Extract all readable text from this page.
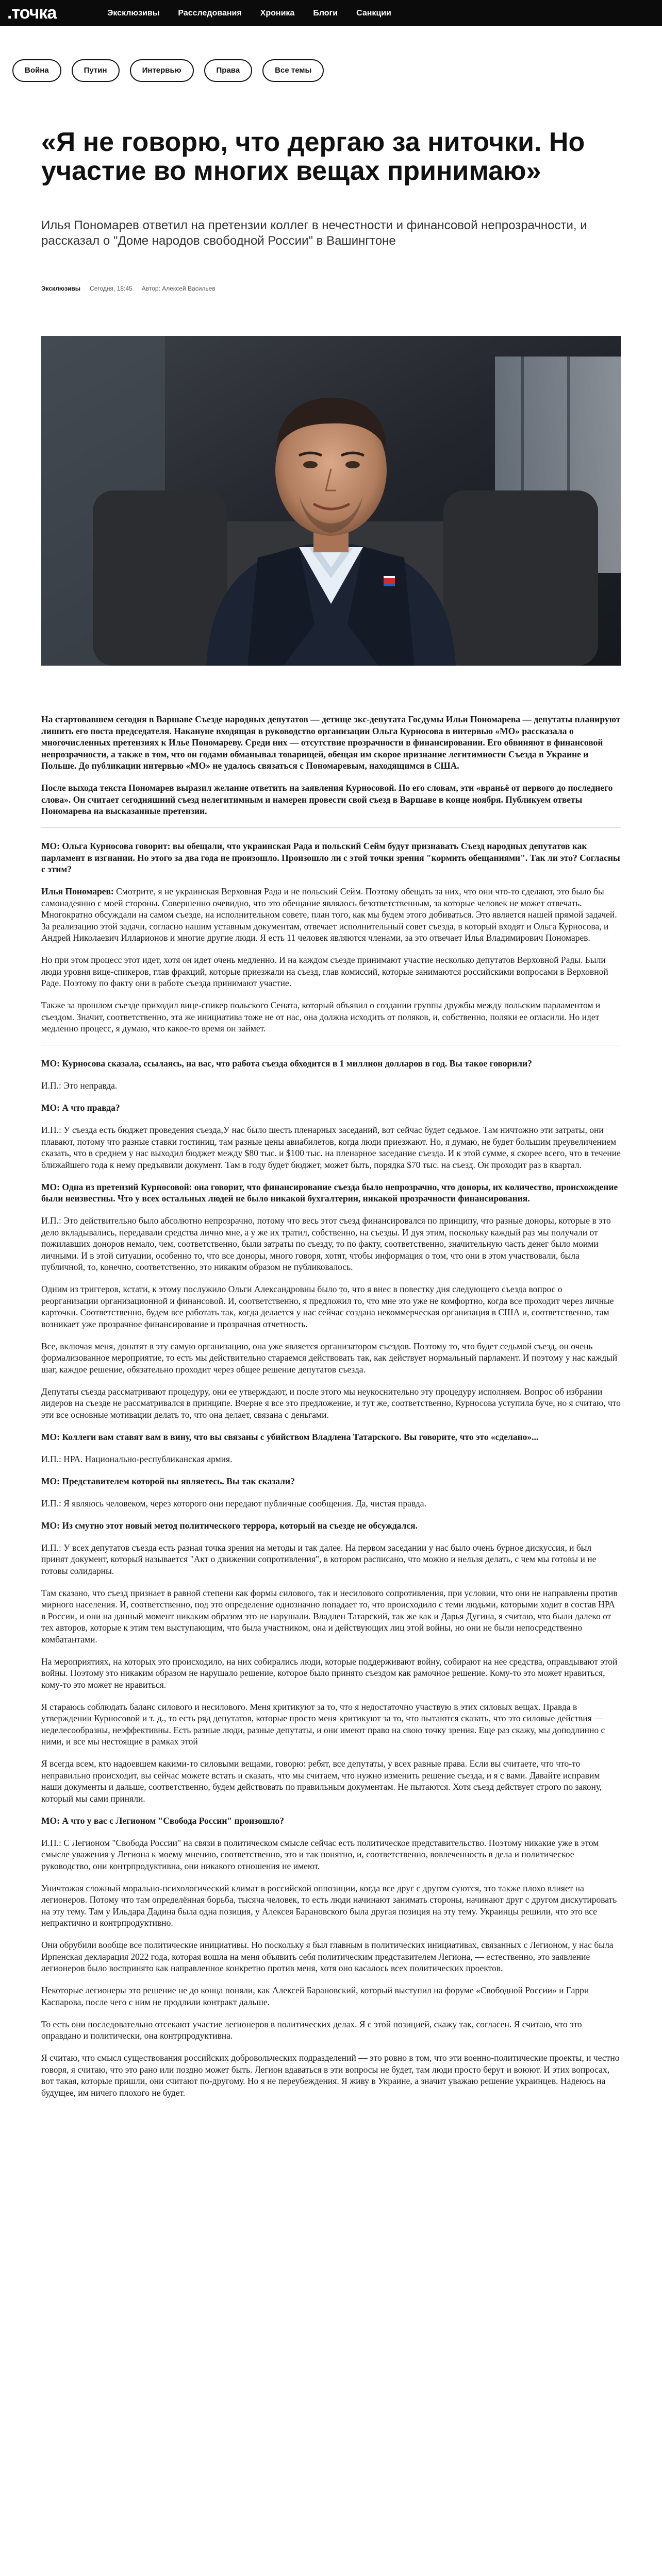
.точка	Эксклюзивы Расследования Хроника Блоги Санкции
Война	Путин	Интервью	Права	Все темы
«Я не говорю, что дергаю за ниточки. Но участие во многих вещах принимаю»
Илья Пономарев ответил на претензии коллег в нечестности и финансовой непрозрачности, и рассказал о "Доме народов свободной России" в Вашингтоне
Эксклюзивы Сегодня, 18:45 Автор: Алексей Васильев

На стартовавшем сегодня в Варшаве Съезде народных депутатов — детище экс-депутата Госдумы Ильи Пономарева — депутаты планируют лишить его поста председателя. Накануне входящая в руководство организации Ольга Курносова в интервью «МО» рассказала о многочисленных претензиях к Илье Пономареву. Среди них — отсутствие прозрачности в финансировании. Его обвиняют в финансовой непрозрачности, а также в том, что он годами обманывал товарищей, обещая им скорое признание легитимности Съезда в Украине и Польше. До публикации интервью «МО» не удалось связаться с Пономаревым, находящимся в США.

После выхода текста Пономарев выразил желание ответить на заявления Курносовой. По его словам, эти «враньё от первого до последнего слова». Он считает сегодняшний съезд нелегитимным и намерен провести свой съезд в Варшаве в конце ноября. Публикуем ответы Пономарева на высказанные претензии.

МО: Ольга Курносова говорит: вы обещали, что украинская Рада и польский Сейм будут признавать Съезд народных депутатов как парламент в изгнании. Но этого за два года не произошло. Произошло ли с этой точки зрения "кормить обещаниями". Так ли это? Согласны с этим?

Илья Пономарев: Смотрите, я не украинская Верховная Рада и не польский Сейм. Поэтому обещать за них, что они что-то сделают, это было бы самонадеянно с моей стороны. Совершенно очевидно, что это обещание являлось безответственным, за которые человек не может отвечать. Многократно обсуждали на самом съезде, на исполнительном совете, план того, как мы будем этого добиваться. Это является нашей прямой задачей. За реализацию этой задачи, согласно нашим уставным документам, отвечает исполнительный совет съезда, в который входят и Ольга Курносова, и Андрей Николаевич Илларионов и многие другие люди. Я есть 11 человек являются членами, за это отвечает Илья Владимирович Пономарев.

Но при этом процесс этот идет, хотя он идет очень медленно. И на каждом съезде принимают участие несколько депутатов Верховной Рады. Были люди уровня вице-спикеров, глав фракций, которые приезжали на съезд, глав комиссий, которые занимаются российскими вопросами в Верховной Раде. Поэтому по факту они в работе съезда принимают участие.

Также за прошлом съезде приходил вице-спикер польского Сената, который объявил о создании группы дружбы между польским парламентом и съездом. Значит, соответственно, эта же инициатива тоже не от нас, она должна исходить от поляков, и, собственно, поляки ее огласили. Но идет медленно процесс, я думаю, что какое-то время он займет.

МО: Курносова сказала, ссылаясь, на вас, что работа съезда обходится в 1 миллион долларов в год. Вы такое говорили?

И.П.: Это неправда.

МО: А что правда?

И.П.: У съезда есть бюджет проведения съезда,У нас было шесть пленарных заседаний, вот сейчас будет седьмое. Там ничтожно эти затраты, они плавают, потому что разные ставки гостиниц, там разные цены авиабилетов, когда люди приезжают. Но, я думаю, не будет большим преувеличением сказать, что в среднем у нас выходил бюджет между $80 тыс. и $100 тыс. на пленарное заседание съезда. И к этой сумме, я скорее всего, что в течение ближайшего года к нему предъявили документ. Там в году будет бюджет, может быть, порядка $70 тыс. на съезд. Он проходит раз в квартал.

МО: Одна из претензий Курносовой: она говорит, что финансирование съезда было непрозрачно, что доноры, их количество, происхождение были неизвестны. Что у всех остальных людей не было никакой бухгалтерии, никакой прозрачности финансирования.

И.П.: Это действительно было абсолютно непрозрачно, потому что весь этот съезд финансировался по принципу, что разные доноры, которые в это дело вкладывались, передавали средства лично мне, а у же их тратил, собственно, на съезды. И дуя этим, поскольку каждый раз мы получали от пожилавших доноров немало, чем, соответственно, были затраты по съезду, то по факту, соответственно, значительную часть денег было моими личными. И в этой ситуации, особенно то, что все доноры, много говоря, хотят, чтобы информация о том, что они в этом участвовали, была публичной, то, конечно, соответственно, это никаким образом не публиковалось.

Одним из триггеров, кстати, к этому послужило Ольги Александровны было то, что я внес в повестку дня следующего съезда вопрос о реорганизации организационной и финансовой. И, соответственно, я предложил то, что мне это уже не комфортно, когда все проходит через личные карточки. Соответственно, будем все работать так, когда делается у нас сейчас создана некоммерческая организация в США и, соответственно, там возникает уже прозрачное финансирование и прозрачная отчетность.

Все, включая меня, донатят в эту самую организацию, она уже является организатором съездов. Поэтому то, что будет седьмой съезд, он очень формализованное мероприятие, то есть мы действительно стараемся действовать так, как действует нормальный парламент. И поэтому у нас каждый шаг, каждое решение, обязательно проходит через общее решение депутатов съезда.

Депутаты съезда рассматривают процедуру, они ее утверждают, и после этого мы неукоснительно эту процедуру исполняем. Вопрос об избрании лидеров на съезде не рассматривался в принципе. Вчерне я все это предложение, и тут же, соответственно, Курносова уступила буче, но я считаю, что эти все основные мотивации делать то, что она делает, связана с деньгами.

МО: Коллеги вам ставят вам в вину, что вы связаны с убийством Владлена Татарского. Вы говорите, что это «сделано»...

И.П.: НРА. Национально-республиканская армия.

МО: Представителем которой вы являетесь. Вы так сказали?

И.П.: Я являюсь человеком, через которого они передают публичные сообщения. Да, чистая правда.

МО: Из смутно этот новый метод политического террора, который на съезде не обсуждался.

И.П.: У всех депутатов съезда есть разная точка зрения на методы и так далее. На первом заседании у нас было очень бурное дискуссия, и был принят документ, который называется "Акт о движении сопротивления", в котором расписано, что можно и нельзя делать, с чем мы готовы и не готовы солидарны.

Там сказано, что съезд признает в равной степени как формы силового, так и несилового сопротивления, при условии, что они не направлены против мирного населения. И, соответственно, под это определение однозначно попадает то, что происходило с теми людьми, которыми ходит в состав НРА в России, и они на данный момент никаким образом это не нарушали. Владлен Татарский, так же как и Дарья Дугина, я считаю, что были далеко от тех авторов, которые к этим тем выступающим, что была участником, она и действующих лиц этой войны, но они не были непосредственно комбатантами.

На мероприятиях, на которых это происходило, на них собирались люди, которые поддерживают войну, собирают на нее средства, оправдывают этой войны. Поэтому это никаким образом не нарушало решение, которое было принято съездом как рамочное решение. Кому-то это может нравиться, кому-то это может не нравиться.

Я стараюсь соблюдать баланс силового и несилового. Меня критикуют за то, что я недостаточно участвую в этих силовых вещах. Правда в утверждении Курносовой и т. д., то есть ряд депутатов, которые просто меня критикуют за то, что пытаются сказать, что это силовые действия — неделесообразны, неэффективны. Есть разные люди, разные депутаты, и они имеют право на свою точку зрения. Еще раз скажу, мы доподлинно с ними, и все мы нестоящие в рамках этой

Я всегда всем, кто надоевшем какими-то силовыми вещами, говорю: ребят, все депутаты, у всех равные права. Если вы считаете, что что-то неправильно происходит, вы сейчас можете встать и сказать, что мы считаем, что нужно изменить решение съезда, и я с вами. Давайте исправим наши документы и дальше, соответственно, будем действовать по правильным документам. Не пытаются. Хотя съезд действует строго по закону, который мы сами приняли.

МО: А что у вас с Легионом "Свобода России" произошло?

И.П.: С Легионом "Свобода России" на связи в политическом смысле сейчас есть политическое представительство. Поэтому никакие уже в этом смысле уважения у Легиона к моему мнению, соответственно, это и так понятно, и, соответственно, вовлеченность в дела и политическое руководство, они контрпродуктивна, они никакого отношения не имеют.

Уничтожая сложный морально-психологический климат в российской оппозиции, когда все друг с другом суются, это также плохо влияет на легионеров. Потому что там определённая борьба, тысяча человек, то есть люди начинают занимать стороны, начинают друг с другом дискутировать на эту тему. Там у Ильдара Дадина была одна позиция, у Алексея Барановского была другая позиция на эту тему. Украинцы решили, что это все непрактично и контрпродуктивно.

Они обрубили вообще все политические инициативы. Но поскольку я был главным в политических инициативах, связанных с Легионом, у нас была Ирпенская декларация 2022 года, которая вошла на меня объявить себя политическим представителем Легиона, — естественно, это заявление легионеров было воспринято как направленное конкретно против меня, хотя оно касалось всех политических проектов.

Некоторые легионеры это решение не до конца поняли, как Алексей Барановский, который выступил на форуме «Свободной России» и Гарри Каспарова, после чего с ним не продлили контракт дальше.

То есть они последовательно отсекают участие легионеров в политических делах. Я с этой позицией, скажу так, согласен. Я считаю, что это оправдано и политически, она контрпродуктивна.

Я считаю, что смысл существования российских добровольческих подразделений — это ровно в том, что эти военно-политические проекты, и честно говоря, я считаю, что это рано или поздно может быть. Легион вдаваться в эти вопросы не будет, там люди просто берут и воюют. И этих вопросах, вот такая, которые пришли, они считают по-другому. Но я не переубеждения. Я живу в Украине, а значит уважаю решение украинцев. Надеюсь на будущее, им ничего плохого не будет.
